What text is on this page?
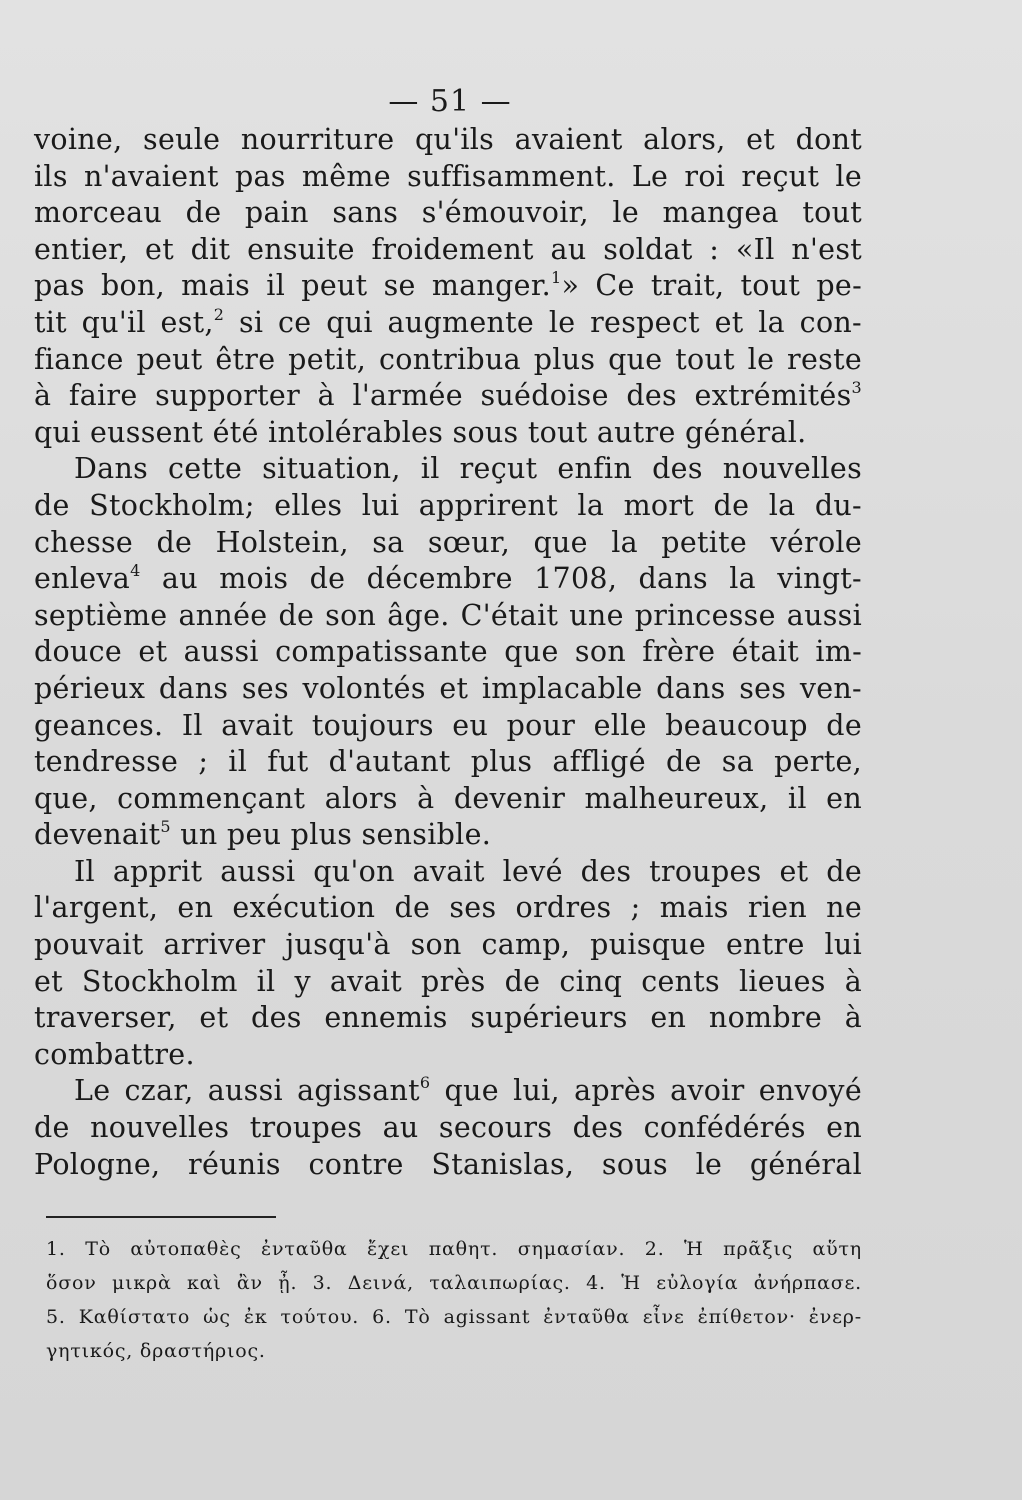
— 51 —
voine, seule nourriture qu'ils avaient alors, et dont
ils n'avaient pas même suffisamment. Le roi reçut le
morceau de pain sans s'émouvoir, le mangea tout
entier, et dit ensuite froidement au soldat : «Il n'est
pas bon, mais il peut se manger.$^1$» Ce trait, tout pe-
tit qu'il est,$^2$ si ce qui augmente le respect et la con-
fiance peut être petit, contribua plus que tout le reste
à faire supporter à l'armée suédoise des extrémités$^3$
qui eussent été intolérables sous tout autre général.
Dans cette situation, il reçut enfin des nouvelles
de Stockholm; elles lui apprirent la mort de la du-
chesse de Holstein, sa sœur, que la petite vérole
enleva$^4$ au mois de décembre 1708, dans la vingt-
septième année de son âge. C'était une princesse aussi
douce et aussi compatissante que son frère était im-
périeux dans ses volontés et implacable dans ses ven-
geances. Il avait toujours eu pour elle beaucoup de
tendresse ; il fut d'autant plus affligé de sa perte,
que, commençant alors à devenir malheureux, il en
devenait$^5$ un peu plus sensible.
Il apprit aussi qu'on avait levé des troupes et de
l'argent, en exécution de ses ordres ; mais rien ne
pouvait arriver jusqu'à son camp, puisque entre lui
et Stockholm il y avait près de cinq cents lieues à
traverser, et des ennemis supérieurs en nombre à
combattre.
Le czar, aussi agissant$^6$ que lui, après avoir envoyé
de nouvelles troupes au secours des confédérés en
Pologne, réunis contre Stanislas, sous le général
1. Τὸ αὐτοπαθὲς ἐνταῦθα ἔχει παθητ. σημασίαν. 2. Ἡ πρᾶξις αὕτη
ὅσον μικρὰ καὶ ἂν ᾖ. 3. Δεινά, ταλαιπωρίας. 4. Ἡ εὐλογία ἀνήρπασε.
5. Καθίστατο ὡς ἐκ τούτου. 6. Τὸ agissant ἐνταῦθα εἶνε ἐπίθετον· ἐνερ-
γητικός, δραστήριος.
